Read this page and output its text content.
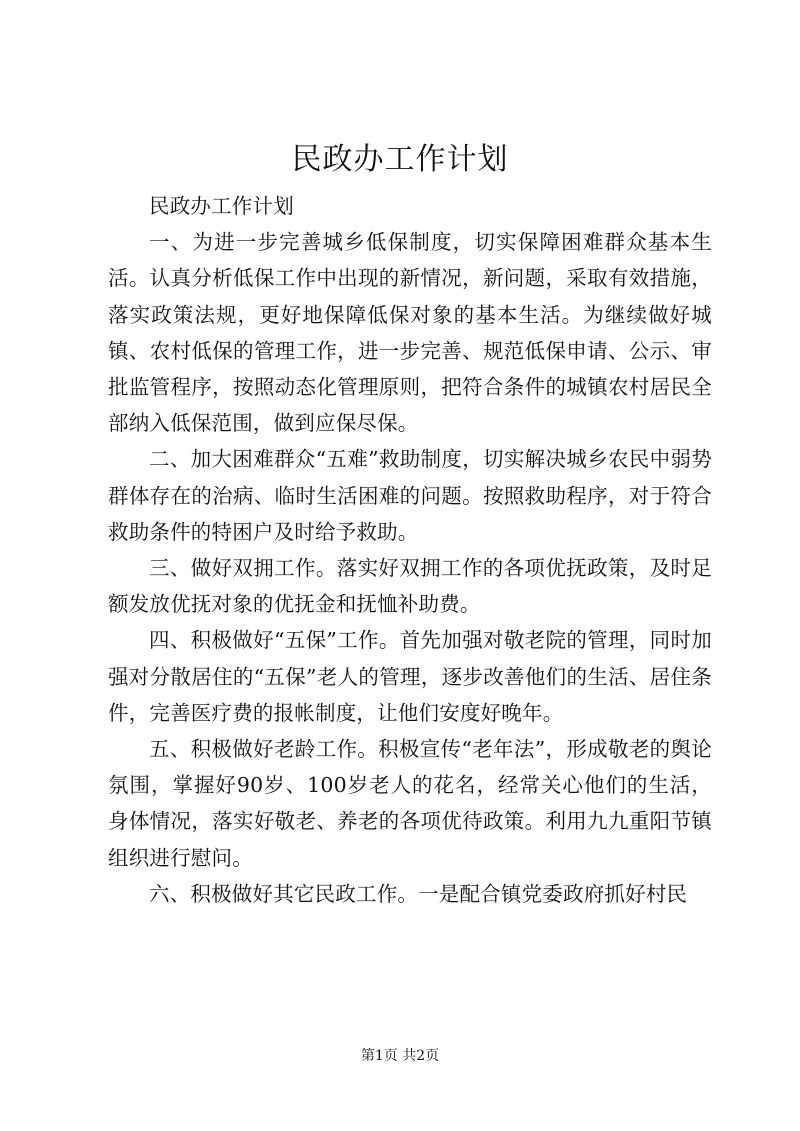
民政办工作计划

民政办工作计划

一、为进一步完善城乡低保制度，切实保障困难群众基本生活。认真分析低保工作中出现的新情况，新问题，采取有效措施，落实政策法规，更好地保障低保对象的基本生活。为继续做好城镇、农村低保的管理工作，进一步完善、规范低保申请、公示、审批监管程序，按照动态化管理原则，把符合条件的城镇农村居民全部纳入低保范围，做到应保尽保。

二、加大困难群众“五难”救助制度，切实解决城乡农民中弱势群体存在的治病、临时生活困难的问题。按照救助程序，对于符合救助条件的特困户及时给予救助。

三、做好双拥工作。落实好双拥工作的各项优抚政策，及时足额发放优抚对象的优抚金和抚恤补助费。

四、积极做好“五保”工作。首先加强对敬老院的管理，同时加强对分散居住的“五保”老人的管理，逐步改善他们的生活、居住条件，完善医疗费的报帐制度，让他们安度好晚年。

五、积极做好老龄工作。积极宣传“老年法”，形成敬老的舆论氛围，掌握好90岁、100岁老人的花名，经常关心他们的生活，身体情况，落实好敬老、养老的各项优待政策。利用九九重阳节镇组织进行慰问。

六、积极做好其它民政工作。一是配合镇党委政府抓好村民

第1页 共2页
